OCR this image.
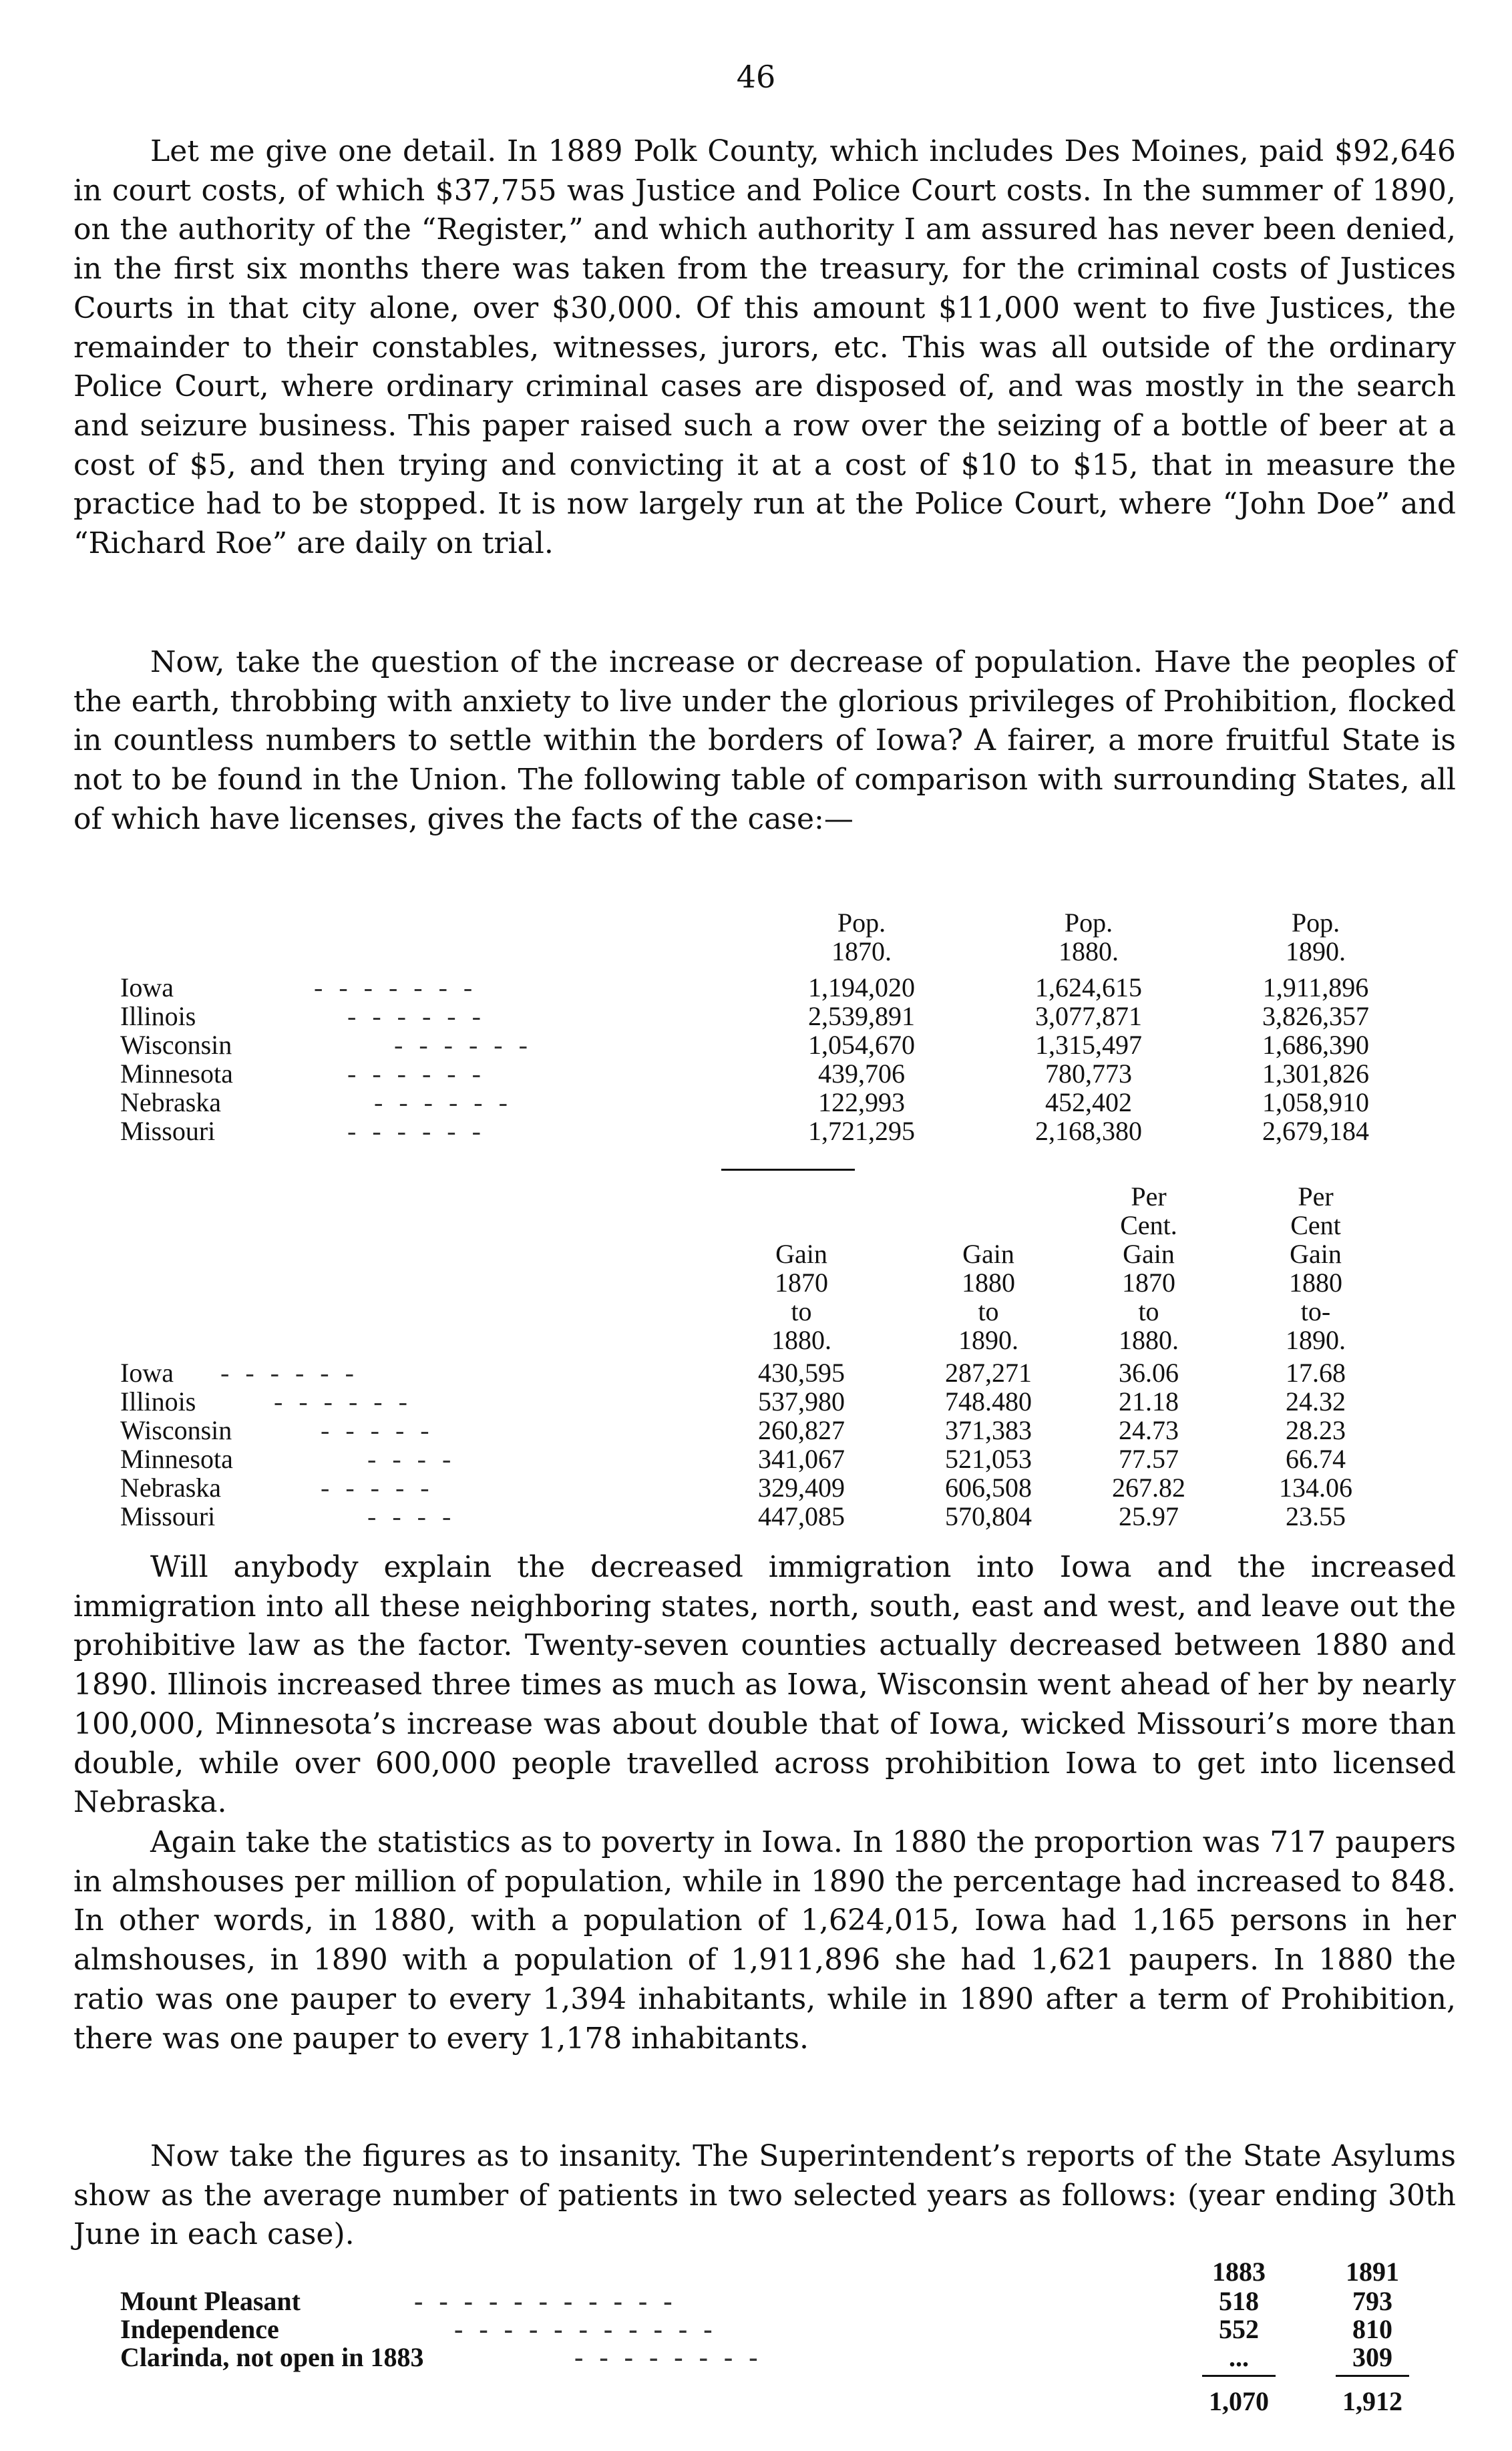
46

Let me give one detail. In 1889 Polk County, which includes Des Moines, paid $92,646 in court costs, of which $37,755 was Justice and Police Court costs. In the summer of 1890, on the authority of the “Register,” and which authority I am assured has never been denied, in the first six months there was taken from the treasury, for the criminal costs of Justices Courts in that city alone, over $30,000. Of this amount $11,000 went to five Justices, the remainder to their constables, witnesses, jurors, etc. This was all outside of the ordinary Police Court, where ordinary criminal cases are disposed of, and was mostly in the search and seizure business. This paper raised such a row over the seizing of a bottle of beer at a cost of $5, and then trying and convicting it at a cost of $10 to $15, that in measure the practice had to be stopped. It is now largely run at the Police Court, where “John Doe” and “Richard Roe” are daily on trial.

Now, take the question of the increase or decrease of population. Have the peoples of the earth, throbbing with anxiety to live under the glorious privileges of Prohibition, flocked in countless numbers to settle within the borders of Iowa? A fairer, a more fruitful State is not to be found in the Union. The following table of comparison with surrounding States, all of which have licenses, gives the facts of the case:—

Pop.
1870.
Pop.
1880.
Pop.
1890.
Iowa	-------	1,194,020	1,624,615	1,911,896
Illinois	------	2,539,891	3,077,871	3,826,357
Wisconsin	------	1,054,670	1,315,497	1,686,390
Minnesota	------	439,706	780,773	1,301,826
Nebraska	------	122,993	452,402	1,058,910
Missouri	------	1,721,295	2,168,380	2,679,184
Gain
1870
to
1880.
Gain
1880
to
1890.
Per
Cent.
Gain
1870
to
1880.
Per
Cent
Gain
1880
to-
1890.
Iowa ------	430,595	287,271	36.06	17.68
Illinois	------	537,980	748.480	21.18	24.32
Wisconsin	-----	260,827	371,383	24.73	28.23
Minnesota	----	341,067	521,053	77.57	66.74
Nebraska	-----	329,409	606,508	267.82	134.06
Missouri	----	447,085	570,804	25.97	23.55

Will anybody explain the decreased immigration into Iowa and the increased immigration into all these neighboring states, north, south, east and west, and leave out the prohibitive law as the factor. Twenty-seven counties actually decreased between 1880 and 1890. Illinois increased three times as much as Iowa, Wisconsin went ahead of her by nearly 100,000, Minnesota’s increase was about double that of Iowa, wicked Missouri’s more than double, while over 600,000 people travelled across prohibition Iowa to get into licensed Nebraska.

Again take the statistics as to poverty in Iowa. In 1880 the proportion was 717 paupers in almshouses per million of population, while in 1890 the percentage had increased to 848. In other words, in 1880, with a population of 1,624,015, Iowa had 1,165 persons in her almshouses, in 1890 with a population of 1,911,896 she had 1,621 paupers. In 1880 the ratio was one pauper to every 1,394 inhabitants, while in 1890 after a term of Prohibition, there was one pauper to every 1,178 inhabitants.

Now take the figures as to insanity. The Superintendent’s reports of the State Asylums show as the average number of patients in two selected years as follows: (year ending 30th June in each case).

1883	1891
Mount Pleasant	-----------	518	793
Independence	-----------	552	810
Clarinda, not open in 1883	--------	...	309
1,070	1,912
